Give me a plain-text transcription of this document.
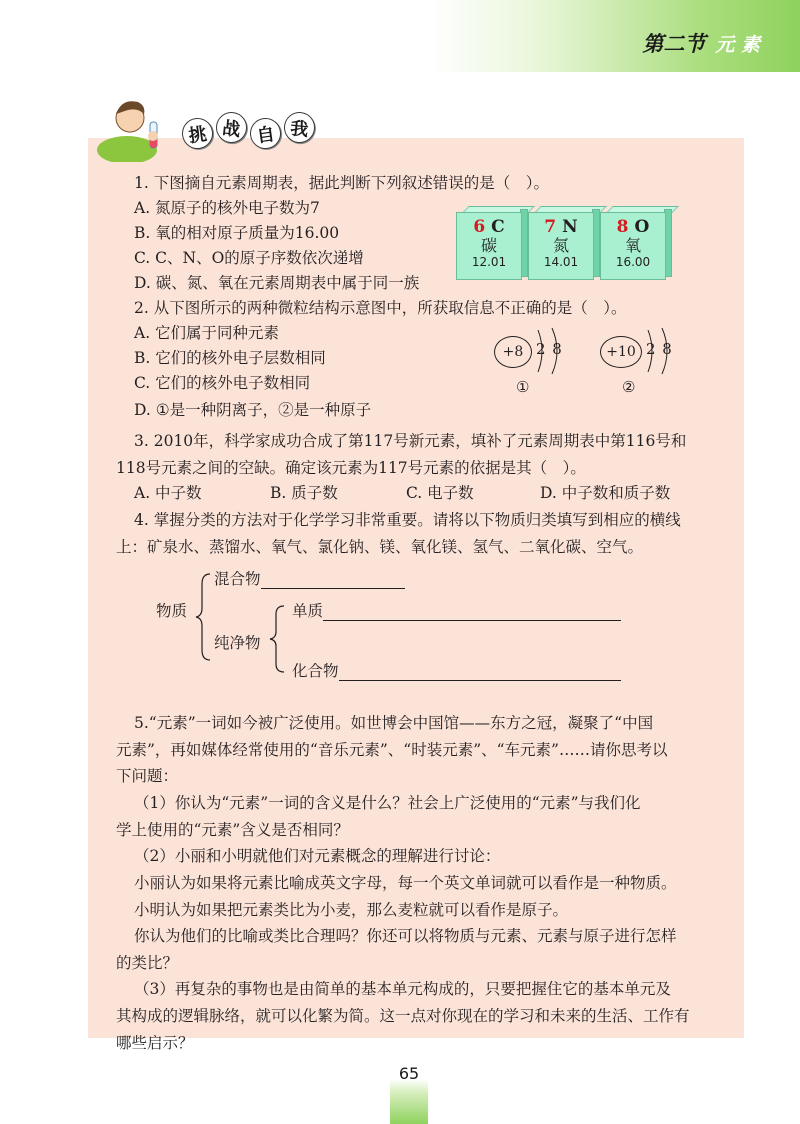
第二节 元 素
挑 战 自 我
1. 下图摘自元素周期表，据此判断下列叙述错误的是（　）。
A. 氮原子的核外电子数为7
B. 氧的相对原子质量为16.00
C. C、N、O的原子序数依次递增
D. 碳、氮、氧在元素周期表中属于同一族
6 C
碳
12.01
7 N
氮
14.01
8 O
氧
16.00
2. 从下图所示的两种微粒结构示意图中，所获取信息不正确的是（　）。
A. 它们属于同种元素
B. 它们的核外电子层数相同
C. 它们的核外电子数相同
D. ①是一种阴离子，②是一种原子
+8 2 8
①
+10 2 8
②
3. 2010年，科学家成功合成了第117号新元素，填补了元素周期表中第116号和
118号元素之间的空缺。确定该元素为117号元素的依据是其（　）。
A. 中子数	B. 质子数	C. 电子数	D. 中子数和质子数
4. 掌握分类的方法对于化学学习非常重要。请将以下物质归类填写到相应的横线
上：矿泉水、蒸馏水、氧气、氯化钠、镁、氧化镁、氢气、二氧化碳、空气。
物质
混合物
纯净物
单质
化合物
5.“元素”一词如今被广泛使用。如世博会中国馆——东方之冠，凝聚了“中国
元素”，再如媒体经常使用的“音乐元素”、“时装元素”、“车元素”……请你思考以
下问题：
（1）你认为“元素”一词的含义是什么？社会上广泛使用的“元素”与我们化
学上使用的“元素”含义是否相同？
（2）小丽和小明就他们对元素概念的理解进行讨论：
小丽认为如果将元素比喻成英文字母，每一个英文单词就可以看作是一种物质。
小明认为如果把元素类比为小麦，那么麦粒就可以看作是原子。
你认为他们的比喻或类比合理吗？你还可以将物质与元素、元素与原子进行怎样
的类比？
（3）再复杂的事物也是由简单的基本单元构成的，只要把握住它的基本单元及
其构成的逻辑脉络，就可以化繁为简。这一点对你现在的学习和未来的生活、工作有
哪些启示？
65
